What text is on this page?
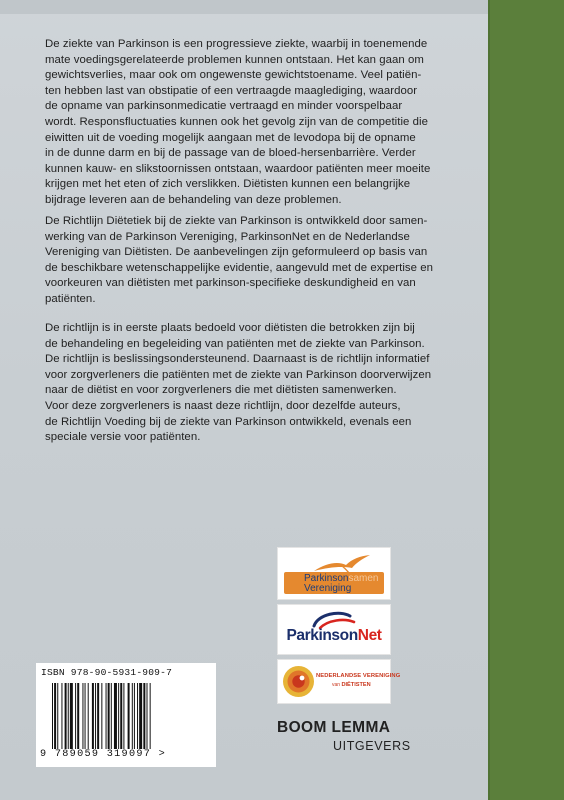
De ziekte van Parkinson is een progressieve ziekte, waarbij in toenemende
mate voedingsgerelateerde problemen kunnen ontstaan. Het kan gaan om
gewichtsverlies, maar ook om ongewenste gewichtstoename. Veel patiën-
ten hebben last van obstipatie of een vertraagde maaglediging, waardoor
de opname van parkinsonmedicatie vertraagd en minder voorspelbaar
wordt. Responsfluctuaties kunnen ook het gevolg zijn van de competitie die
eiwitten uit de voeding mogelijk aangaan met de levodopa bij de opname
in de dunne darm en bij de passage van de bloed-hersenbarrière. Verder
kunnen kauw- en slikstoornissen ontstaan, waardoor patiënten meer moeite
krijgen met het eten of zich verslikken. Diëtisten kunnen een belangrijke
bijdrage leveren aan de behandeling van deze problemen.

De Richtlijn Diëtetiek bij de ziekte van Parkinson is ontwikkeld door samen-
werking van de Parkinson Vereniging, ParkinsonNet en de Nederlandse
Vereniging van Diëtisten. De aanbevelingen zijn geformuleerd op basis van
de beschikbare wetenschappelijke evidentie, aangevuld met de expertise en
voorkeuren van diëtisten met parkinson-specifieke deskundigheid en van
patiënten.

De richtlijn is in eerste plaats bedoeld voor diëtisten die betrokken zijn bij
de behandeling en begeleiding van patiënten met de ziekte van Parkinson.
De richtlijn is beslissingsondersteunend. Daarnaast is de richtlijn informatief
voor zorgverleners die patiënten met de ziekte van Parkinson doorverwijzen
naar de diëtist en voor zorgverleners die met diëtisten samenwerken.
Voor deze zorgverleners is naast deze richtlijn, door dezelfde auteurs,
de Richtlijn Voeding bij de ziekte van Parkinson ontwikkeld, evenals een
speciale versie voor patiënten.

Parkinsonsamen
Vereniging
ParkinsonNet
NEDERLANDSE VERENIGING
van DIËTISTEN
BOOM LEMMA
UITGEVERS
ISBN 978-90-5931-909-7
9 789059 319097 >
